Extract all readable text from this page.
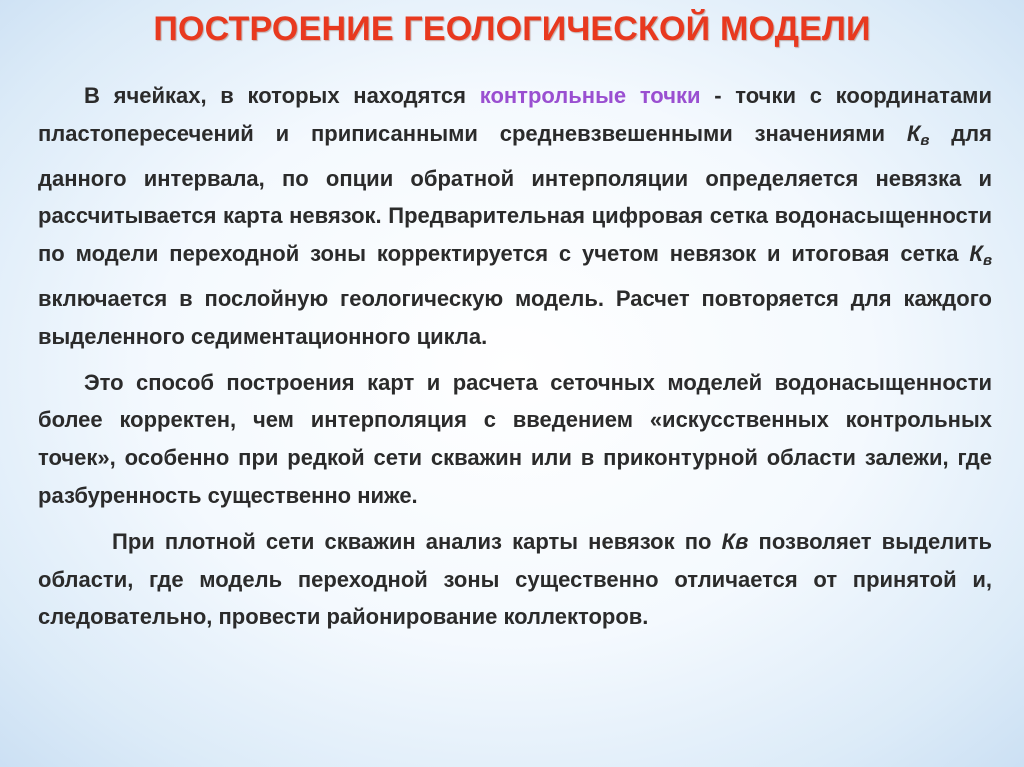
ПОСТРОЕНИЕ ГЕОЛОГИЧЕСКОЙ МОДЕЛИ

В ячейках, в которых находятся контрольные точки - точки с координатами пластопересечений и приписанными средневзвешенными значениями $К_в$ для данного интервала, по опции обратной интерполяции определяется невязка и рассчитывается карта невязок. Предварительная цифровая сетка водонасыщенности по модели переходной зоны корректируется с учетом невязок и итоговая сетка $К_в$ включается в послойную геологическую модель. Расчет повторяется для каждого выделенного седиментационного цикла.

Это способ построения карт и расчета сеточных моделей водонасыщенности более корректен, чем интерполяция с введением «искусственных контрольных точек», особенно при редкой сети скважин или в приконтурной области залежи, где разбуренность существенно ниже.

При плотной сети скважин анализ карты невязок по Кв позволяет выделить области, где модель переходной зоны существенно отличается от принятой и, следовательно, провести районирование коллекторов.
